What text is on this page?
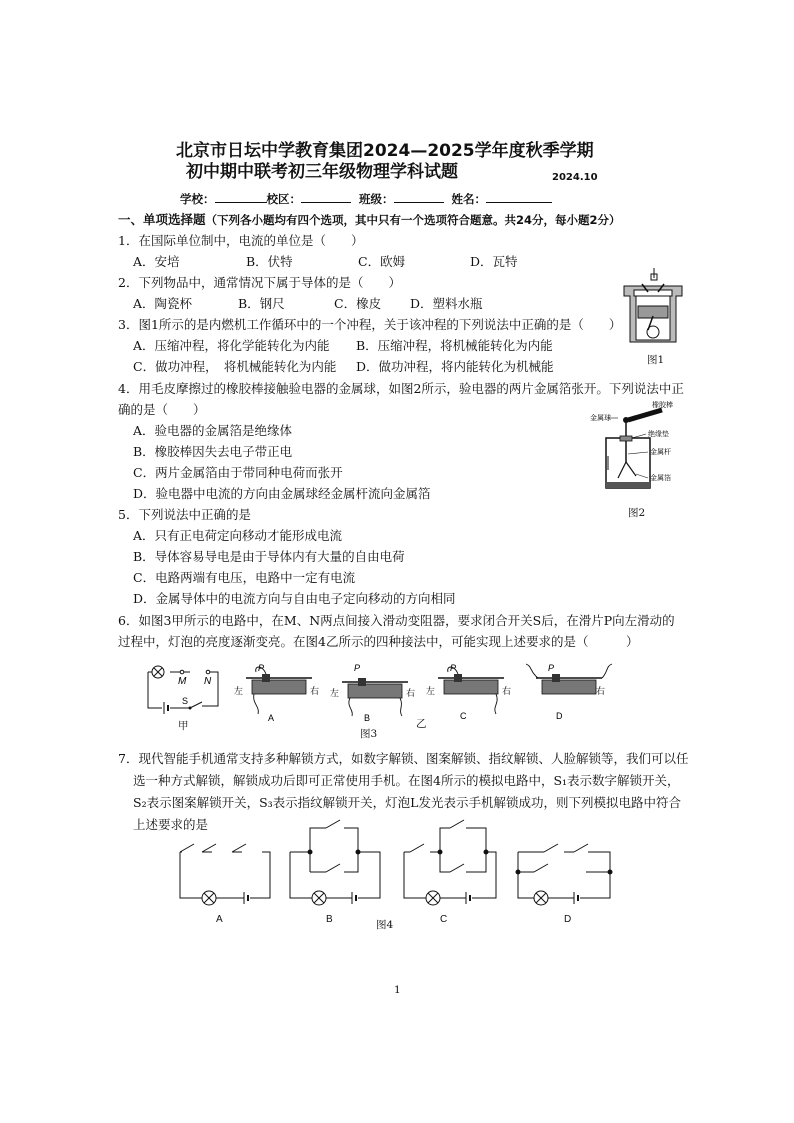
北京市日坛中学教育集团2024—2025学年度秋季学期
初中期中联考初三年级物理学科试题	2024.10
学校：	校区：	班级：	姓名：
一、单项选择题（下列各小题均有四个选项，其中只有一个选项符合题意。共24分，每小题2分）
1．在国际单位制中，电流的单位是（　　）
A．安培	B．伏特	C．欧姆	D．瓦特
2．下列物品中，通常情况下属于导体的是（　　）
A．陶瓷杯	B．钢尺	C．橡皮 D．塑料水瓶
图1
3．图1所示的是内燃机工作循环中的一个冲程，关于该冲程的下列说法中正确的是（　　）
A．压缩冲程，将化学能转化为内能 B．压缩冲程，将机械能转化为内能
C．做功冲程，　将机械能转化为内能 D．做功冲程，将内能转化为机械能
4．用毛皮摩擦过的橡胶棒接触验电器的金属球，如图2所示，验电器的两片金属箔张开。下列说法中正
确的是（　　）
A．验电器的金属箔是绝缘体
B．橡胶棒因失去电子带正电
C．两片金属箔由于带同种电荷而张开
D．验电器中电流的方向由金属球经金属杆流向金属箔
橡胶棒
金属球
绝缘垫
金属杆
金属箔
图2
5．下列说法中正确的是
A．只有正电荷定向移动才能形成电流
B．导体容易导电是由于导体内有大量的自由电荷
C．电路两端有电压，电路中一定有电流
D．金属导体中的电流方向与自由电子定向移动的方向相同
6．如图3甲所示的电路中，在M、N两点间接入滑动变阻器，要求闭合开关S后，在滑片P向左滑动的
过程中，灯泡的亮度逐渐变亮。在图4乙所示的四种接法中，可能实现上述要求的是（　　　）
M N
S
甲
P
左	右
A
P
左	右
B
P
左	右
C
P
右
D
乙
图3
7．现代智能手机通常支持多种解锁方式，如数字解锁、图案解锁、指纹解锁、人脸解锁等，我们可以任
选一种方式解锁，解锁成功后即可正常使用手机。在图4所示的模拟电路中，S₁表示数字解锁开关，
S₂表示图案解锁开关，S₃表示指纹解锁开关，灯泡L发光表示手机解锁成功，则下列模拟电路中符合
上述要求的是
A	B	C	D
图4
1
